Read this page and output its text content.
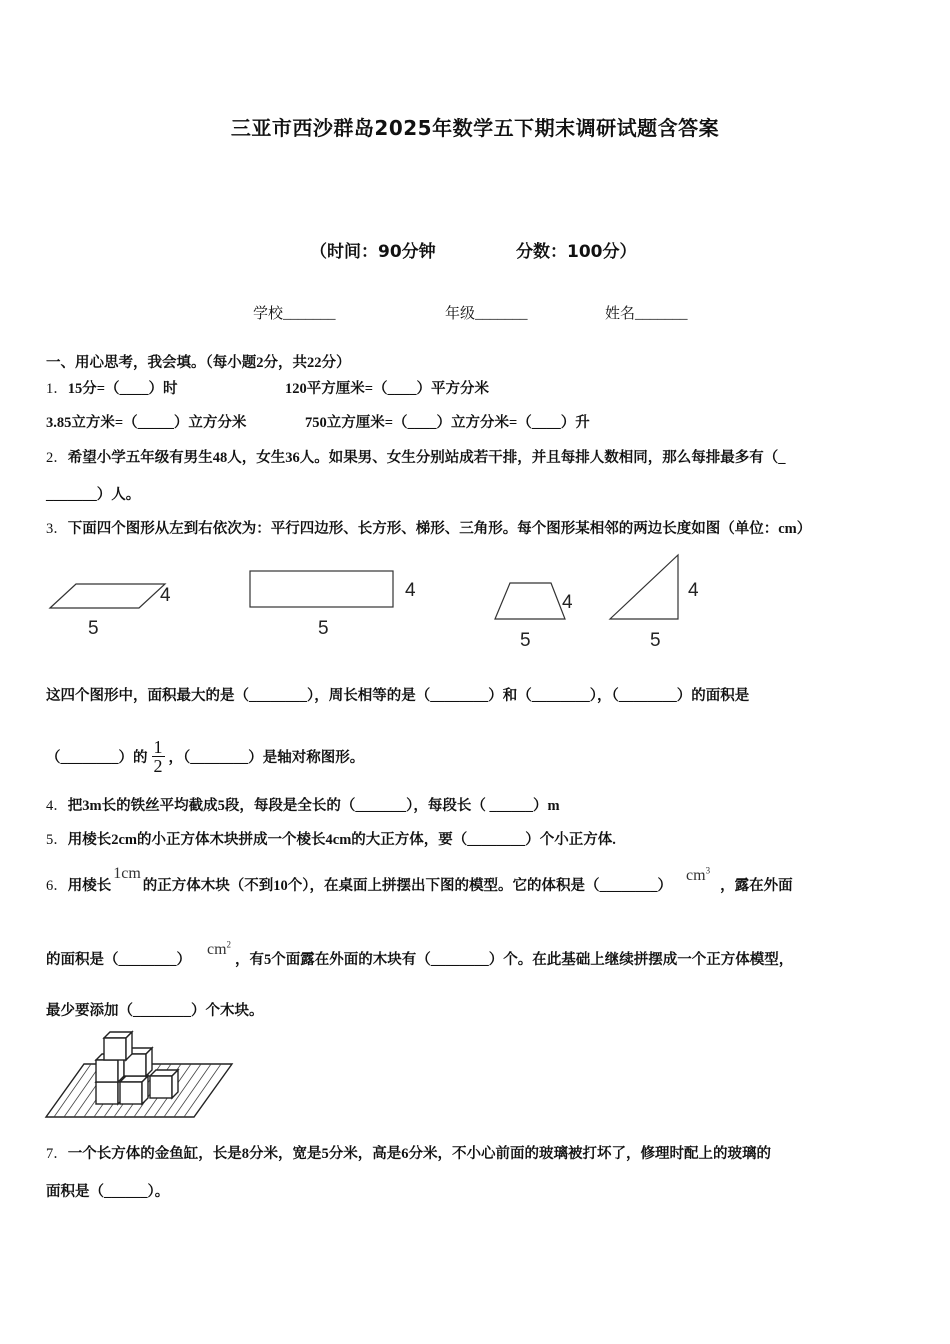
三亚市西沙群岛2025年数学五下期末调研试题含答案
（时间：90分钟	分数：100分）
学校_______	年级_______	姓名_______
一、用心思考，我会填。（每小题2分，共22分）
1．15分=（____）时	120平方厘米=（____）平方分米
3.85立方米=（_____）立方分米	750立方厘米=（____）立方分米=（____）升
2．希望小学五年级有男生48人，女生36人。如果男、女生分别站成若干排，并且每排人数相同，那么每排最多有（_
_______）人。
3．下面四个图形从左到右依次为：平行四边形、长方形、梯形、三角形。每个图形某相邻的两边长度如图（单位：cm）
5
4
5
4
5
4
5
4
这四个图形中，面积最大的是（________），周长相等的是（________）和（________），（________）的面积是
（________）的 $\frac{1}{2}$ ，（________）是轴对称图形。
4．把3m长的铁丝平均截成5段，每段是全长的（_______），每段长（ ______）m
5．用棱长2cm的小正方体木块拼成一个棱长4cm的大正方体，要（________）个小正方体.
6．用棱长1cm的正方体木块（不到10个），在桌面上拼摆出下图的模型。它的体积是$(\_\_\_\_\_\_\_\_)cm^3$，露在外面
的面积是$(\_\_\_\_\_\_\_\_)cm^2$，有5个面露在外面的木块有（________）个。在此基础上继续拼摆成一个正方体模型，
最少要添加（________）个木块。
7．一个长方体的金鱼缸，长是8分米，宽是5分米，高是6分米，不小心前面的玻璃被打坏了，修理时配上的玻璃的
面积是（______）。
